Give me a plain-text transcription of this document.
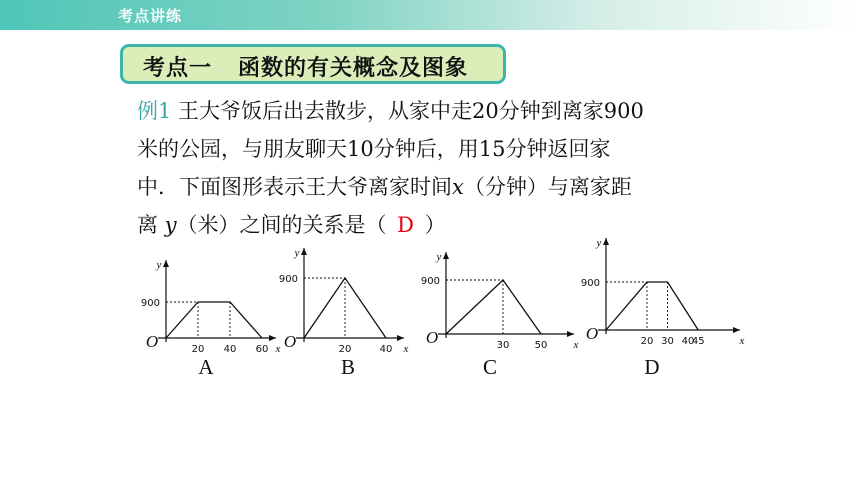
考点讲练
考点一   函数的有关概念及图象
例1 王大爷饭后出去散步，从家中走20分钟到离家900
米的公园，与朋友聊天10分钟后，用15分钟返回家
中．下面图形表示王大爷离家时间x（分钟）与离家距
离 y（米）之间的关系是（ D ）
x
y
O
900
20 40 60
A
x
y
O
900
20	40
B
x
y
O
900
30	50
C
x
y
O
900
20 30 40
45
D
